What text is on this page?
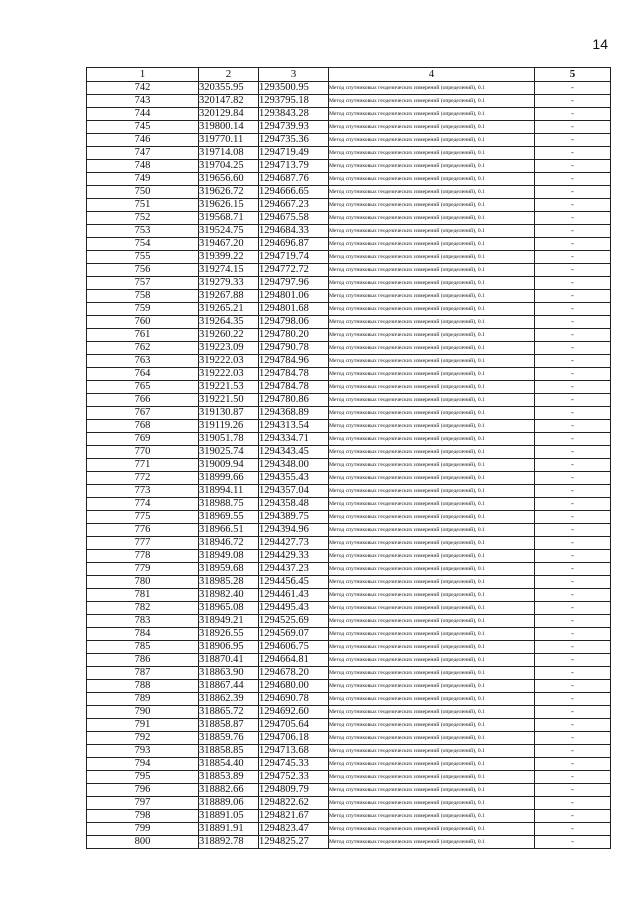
14
1	2	3	4	5
742	320355.95	1293500.95	Метод спутниковых геодезических измерений (определений), 0.1	-
743	320147.82	1293795.18	Метод спутниковых геодезических измерений (определений), 0.1	-
744	320129.84	1293843.28	Метод спутниковых геодезических измерений (определений), 0.1	-
745	319800.14	1294739.93	Метод спутниковых геодезических измерений (определений), 0.1	-
746	319770.11	1294735.36	Метод спутниковых геодезических измерений (определений), 0.1	-
747	319714.08	1294719.49	Метод спутниковых геодезических измерений (определений), 0.1	-
748	319704.25	1294713.79	Метод спутниковых геодезических измерений (определений), 0.1	-
749	319656.60	1294687.76	Метод спутниковых геодезических измерений (определений), 0.1	-
750	319626.72	1294666.65	Метод спутниковых геодезических измерений (определений), 0.1	-
751	319626.15	1294667.23	Метод спутниковых геодезических измерений (определений), 0.1	-
752	319568.71	1294675.58	Метод спутниковых геодезических измерений (определений), 0.1	-
753	319524.75	1294684.33	Метод спутниковых геодезических измерений (определений), 0.1	-
754	319467.20	1294696.87	Метод спутниковых геодезических измерений (определений), 0.1	-
755	319399.22	1294719.74	Метод спутниковых геодезических измерений (определений), 0.1	-
756	319274.15	1294772.72	Метод спутниковых геодезических измерений (определений), 0.1	-
757	319279.33	1294797.96	Метод спутниковых геодезических измерений (определений), 0.1	-
758	319267.88	1294801.06	Метод спутниковых геодезических измерений (определений), 0.1	-
759	319265.21	1294801.68	Метод спутниковых геодезических измерений (определений), 0.1	-
760	319264.35	1294798.06	Метод спутниковых геодезических измерений (определений), 0.1	-
761	319260.22	1294780.20	Метод спутниковых геодезических измерений (определений), 0.1	-
762	319223.09	1294790.78	Метод спутниковых геодезических измерений (определений), 0.1	-
763	319222.03	1294784.96	Метод спутниковых геодезических измерений (определений), 0.1	-
764	319222.03	1294784.78	Метод спутниковых геодезических измерений (определений), 0.1	-
765	319221.53	1294784.78	Метод спутниковых геодезических измерений (определений), 0.1	-
766	319221.50	1294780.86	Метод спутниковых геодезических измерений (определений), 0.1	-
767	319130.87	1294368.89	Метод спутниковых геодезических измерений (определений), 0.1	-
768	319119.26	1294313.54	Метод спутниковых геодезических измерений (определений), 0.1	-
769	319051.78	1294334.71	Метод спутниковых геодезических измерений (определений), 0.1	-
770	319025.74	1294343.45	Метод спутниковых геодезических измерений (определений), 0.1	-
771	319009.94	1294348.00	Метод спутниковых геодезических измерений (определений), 0.1	-
772	318999.66	1294355.43	Метод спутниковых геодезических измерений (определений), 0.1	-
773	318994.11	1294357.04	Метод спутниковых геодезических измерений (определений), 0.1	-
774	318988.75	1294358.48	Метод спутниковых геодезических измерений (определений), 0.1	-
775	318969.55	1294389.75	Метод спутниковых геодезических измерений (определений), 0.1	-
776	318966.51	1294394.96	Метод спутниковых геодезических измерений (определений), 0.1	-
777	318946.72	1294427.73	Метод спутниковых геодезических измерений (определений), 0.1	-
778	318949.08	1294429.33	Метод спутниковых геодезических измерений (определений), 0.1	-
779	318959.68	1294437.23	Метод спутниковых геодезических измерений (определений), 0.1	-
780	318985.28	1294456.45	Метод спутниковых геодезических измерений (определений), 0.1	-
781	318982.40	1294461.43	Метод спутниковых геодезических измерений (определений), 0.1	-
782	318965.08	1294495.43	Метод спутниковых геодезических измерений (определений), 0.1	-
783	318949.21	1294525.69	Метод спутниковых геодезических измерений (определений), 0.1	-
784	318926.55	1294569.07	Метод спутниковых геодезических измерений (определений), 0.1	-
785	318906.95	1294606.75	Метод спутниковых геодезических измерений (определений), 0.1	-
786	318870.41	1294664.81	Метод спутниковых геодезических измерений (определений), 0.1	-
787	318863.90	1294678.20	Метод спутниковых геодезических измерений (определений), 0.1	-
788	318867.44	1294680.00	Метод спутниковых геодезических измерений (определений), 0.1	-
789	318862.39	1294690.78	Метод спутниковых геодезических измерений (определений), 0.1	-
790	318865.72	1294692.60	Метод спутниковых геодезических измерений (определений), 0.1	-
791	318858.87	1294705.64	Метод спутниковых геодезических измерений (определений), 0.1	-
792	318859.76	1294706.18	Метод спутниковых геодезических измерений (определений), 0.1	-
793	318858.85	1294713.68	Метод спутниковых геодезических измерений (определений), 0.1	-
794	318854.40	1294745.33	Метод спутниковых геодезических измерений (определений), 0.1	-
795	318853.89	1294752.33	Метод спутниковых геодезических измерений (определений), 0.1	-
796	318882.66	1294809.79	Метод спутниковых геодезических измерений (определений), 0.1	-
797	318889.06	1294822.62	Метод спутниковых геодезических измерений (определений), 0.1	-
798	318891.05	1294821.67	Метод спутниковых геодезических измерений (определений), 0.1	-
799	318891.91	1294823.47	Метод спутниковых геодезических измерений (определений), 0.1	-
800	318892.78	1294825.27	Метод спутниковых геодезических измерений (определений), 0.1	-
